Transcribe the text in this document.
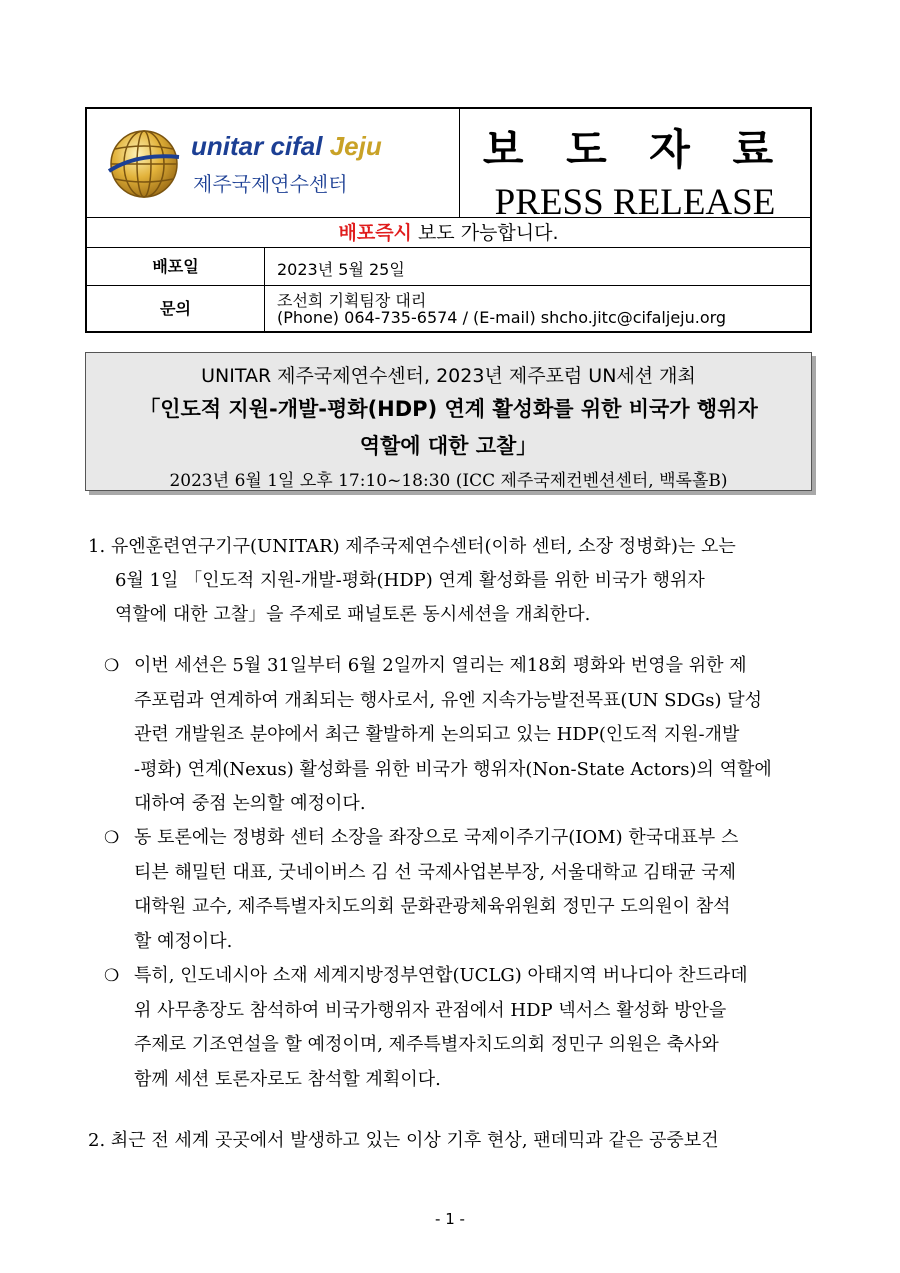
unitar cifal Jeju
제주국제연수센터
보 도 자 료
PRESS RELEASE
배포즉시 보도 가능합니다.
배포일	2023년 5월 25일
문의	조선희 기획팀장 대리
(Phone) 064-735-6574 / (E-mail) shcho.jitc@cifaljeju.org
UNITAR 제주국제연수센터, 2023년 제주포럼 UN세션 개최
「인도적 지원-개발-평화(HDP) 연계 활성화를 위한 비국가 행위자
역할에 대한 고찰」
2023년 6월 1일 오후 17:10~18:30 (ICC 제주국제컨벤션센터, 백록홀B)
1. 유엔훈련연구기구(UNITAR) 제주국제연수센터(이하 센터, 소장 정병화)는 오는
6월 1일 「인도적 지원-개발-평화(HDP) 연계 활성화를 위한 비국가 행위자
역할에 대한 고찰」을 주제로 패널토론 동시세션을 개최한다.
❍ 이번 세션은 5월 31일부터 6월 2일까지 열리는 제18회 평화와 번영을 위한 제
주포럼과 연계하여 개최되는 행사로서, 유엔 지속가능발전목표(UN SDGs) 달성
관련 개발원조 분야에서 최근 활발하게 논의되고 있는 HDP(인도적 지원-개발
-평화) 연계(Nexus) 활성화를 위한 비국가 행위자(Non-State Actors)의 역할에
대하여 중점 논의할 예정이다.
❍ 동 토론에는 정병화 센터 소장을 좌장으로 국제이주기구(IOM) 한국대표부 스
티븐 해밀턴 대표, 굿네이버스 김 선 국제사업본부장, 서울대학교 김태균 국제
대학원 교수, 제주특별자치도의회 문화관광체육위원회 정민구 도의원이 참석
할 예정이다.
❍ 특히, 인도네시아 소재 세계지방정부연합(UCLG) 아태지역 버나디아 찬드라데
위 사무총장도 참석하여 비국가행위자 관점에서 HDP 넥서스 활성화 방안을
주제로 기조연설을 할 예정이며, 제주특별자치도의회 정민구 의원은 축사와
함께 세션 토론자로도 참석할 계획이다.
2. 최근 전 세계 곳곳에서 발생하고 있는 이상 기후 현상, 팬데믹과 같은 공중보건
- 1 -
